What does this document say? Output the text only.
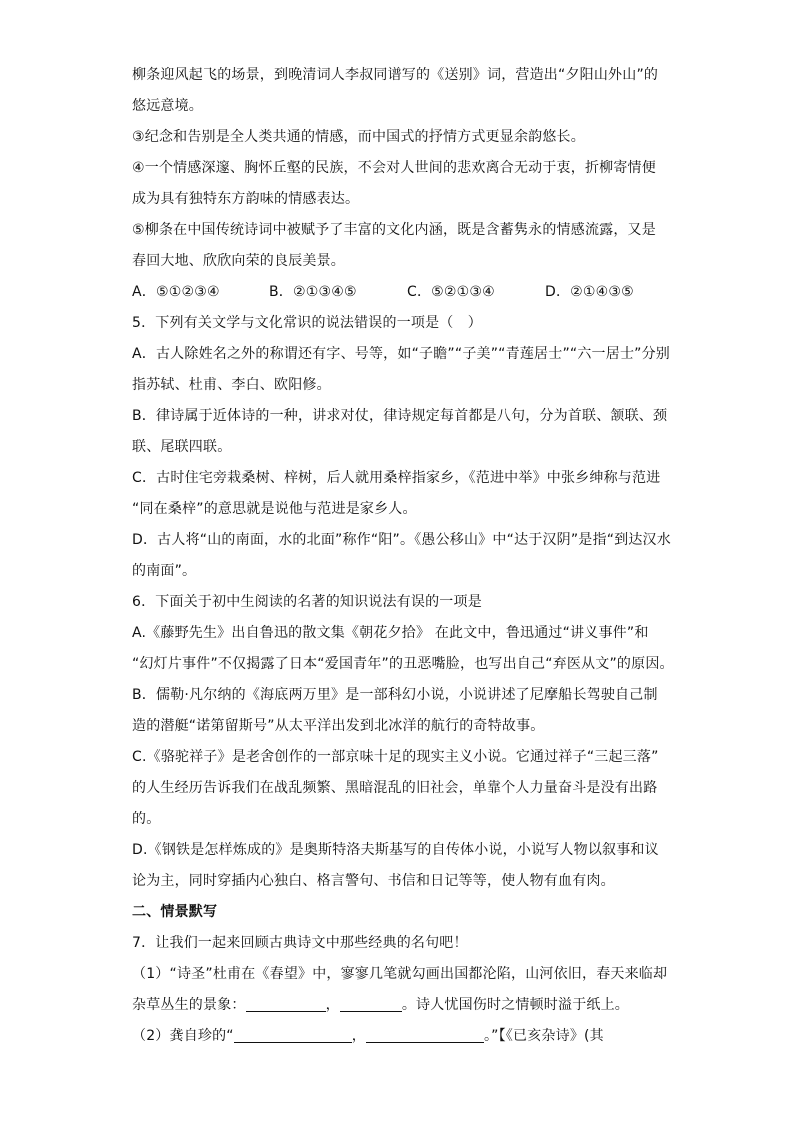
柳条迎风起飞的场景，到晚清词人李叔同谱写的《送别》词，营造出“夕阳山外山”的
悠远意境。
③纪念和告别是全人类共通的情感，而中国式的抒情方式更显余韵悠长。
④一个情感深邃、胸怀丘壑的民族，不会对人世间的悲欢离合无动于衷，折柳寄情便
成为具有独特东方韵味的情感表达。
⑤柳条在中国传统诗词中被赋予了丰富的文化内涵，既是含蓄隽永的情感流露，又是
春回大地、欣欣向荣的良辰美景。
A．⑤①②③④	B．②①③④⑤	C．⑤②①③④	D．②①④③⑤
5．下列有关文学与文化常识的说法错误的一项是（　）
A．古人除姓名之外的称谓还有字、号等，如“子瞻”“子美”“青莲居士”“六一居士”分别
指苏轼、杜甫、李白、欧阳修。
B．律诗属于近体诗的一种，讲求对仗，律诗规定每首都是八句，分为首联、颔联、颈
联、尾联四联。
C．古时住宅旁栽桑树、梓树，后人就用桑梓指家乡，《范进中举》中张乡绅称与范进
“同在桑梓”的意思就是说他与范进是家乡人。
D．古人将“山的南面，水的北面”称作“阳”。《愚公移山》中“达于汉阴”是指“到达汉水
的南面”。
6．下面关于初中生阅读的名著的知识说法有误的一项是
A.《藤野先生》出自鲁迅的散文集《朝花夕拾》 在此文中，鲁迅通过“讲义事件”和
“幻灯片事件”不仅揭露了日本“爱国青年”的丑恶嘴脸，也写出自己“弃医从文”的原因。
B．儒勒·凡尔纳的《海底两万里》是一部科幻小说，小说讲述了尼摩船长驾驶自己制
造的潜艇“诺第留斯号”从太平洋出发到北冰洋的航行的奇特故事。
C.《骆驼祥子》是老舍创作的一部京味十足的现实主义小说。它通过祥子“三起三落”
的人生经历告诉我们在战乱频繁、黑暗混乱的旧社会，单靠个人力量奋斗是没有出路
的。
D.《钢铁是怎样炼成的》是奥斯特洛夫斯基写的自传体小说，小说写人物以叙事和议
论为主，同时穿插内心独白、格言警句、书信和日记等等，使人物有血有肉。
二、情景默写
7．让我们一起来回顾古典诗文中那些经典的名句吧！
（1）“诗圣”杜甫在《春望》中，寥寥几笔就勾画出国都沦陷，山河依旧，春天来临却
杂草丛生的景象：	，	。诗人忧国伤时之情顿时溢于纸上。
（2）龚自珍的“	，	。”【《已亥杂诗》(其
